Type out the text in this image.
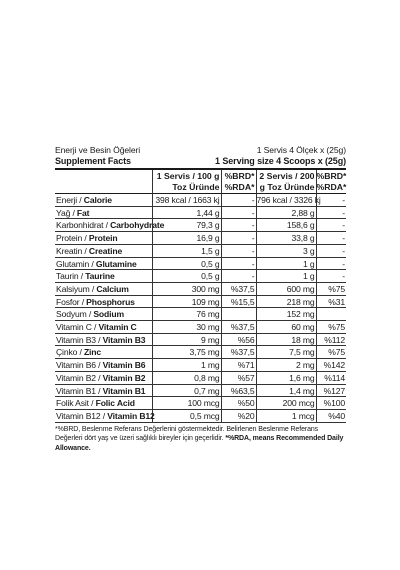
Enerji ve Besin Öğeleri	1 Servis 4 Ölçek x (25g)
Supplement Facts	1 Serving size 4 Scoops x (25g)
	1 Servis / 100 g Toz Üründe	%BRD* %RDA*	2 Servis / 200 g Toz Üründe	%BRD* %RDA*
Enerji / Calorie	398 kcal / 1663 kj	-	796 kcal / 3326 kj	-
Yağ / Fat	1,44 g	-	2,88 g	-
Karbonhidrat / Carbohydrate	79,3 g	-	158,6 g	-
Protein / Protein	16,9 g	-	33,8 g	-
Kreatin / Creatine	1,5 g	-	3 g	-
Glutamin / Glutamine	0,5 g	-	1 g	-
Taurin / Taurine	0,5 g	-	1 g	-
Kalsiyum / Calcium	300 mg	%37,5	600 mg	%75
Fosfor / Phosphorus	109 mg	%15,5	218 mg	%31
Sodyum / Sodium	76 mg		152 mg	
Vitamin C / Vitamin C	30 mg	%37,5	60 mg	%75
Vitamin B3 / Vitamin B3	9 mg	%56	18 mg	%112
Çinko / Zinc	3,75 mg	%37,5	7,5 mg	%75
Vitamin B6 / Vitamin B6	1 mg	%71	2 mg	%142
Vitamin B2 / Vitamin B2	0,8 mg	%57	1,6 mg	%114
Vitamin B1 / Vitamin B1	0,7 mg	%63,5	1,4 mg	%127
Folik Asit / Folic Acid	100 mcg	%50	200 mcg	%100
Vitamin B12 / Vitamin B12	0,5 mcg	%20	1 mcg	%40
*%BRD, Beslenme Referans Değerlerini göstermektedir. Belirlenen Beslenme Referans Değerleri dört yaş ve üzeri sağlıklı bireyler için geçerlidir. *%RDA, means Recommended Daily Allowance.
